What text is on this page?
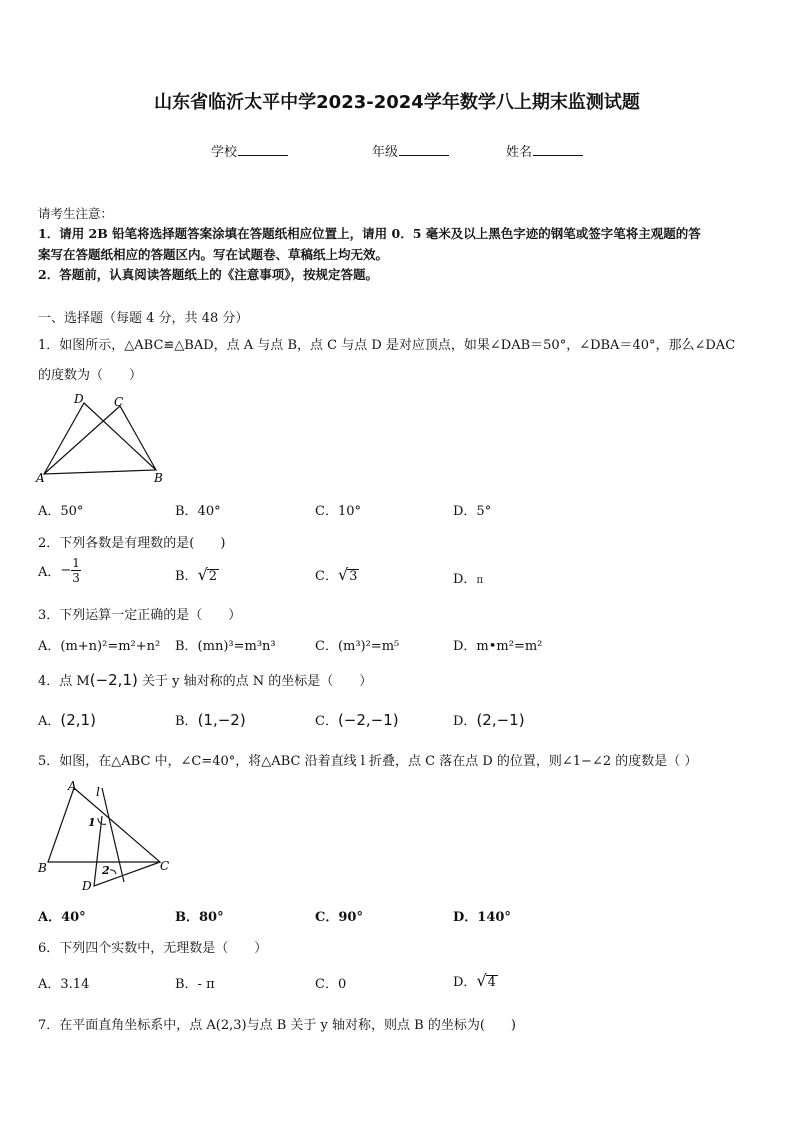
山东省临沂太平中学2023-2024学年数学八上期末监测试题
学校	年级	姓名
请考生注意：
1．请用 2B 铅笔将选择题答案涂填在答题纸相应位置上，请用 0．5 毫米及以上黑色字迹的钢笔或签字笔将主观题的答
案写在答题纸相应的答题区内。写在试题卷、草稿纸上均无效。
2．答题前，认真阅读答题纸上的《注意事项》，按规定答题。
一、选择题（每题 4 分，共 48 分）
1．如图所示，△ABC≌△BAD，点 A 与点 B，点 C 与点 D 是对应顶点，如果∠DAB＝50°，∠DBA＝40°，那么∠DAC
的度数为（　　）
D	C
A	B
A．50°	B．40°	C．10°	D．5°
2．下列各数是有理数的是(　　)
A．− $\frac{1}{3}$	B．√2	C．√3	D．π
3．下列运算一定正确的是（　　）
A．(m+n)²=m²+n² B．(mn)³=m³n³	C．(m³)²=m⁵	D．m•m²=m²
4．点 M(−2,1) 关于 y 轴对称的点 N 的坐标是（　　）
A．(2,1)	B．(1,−2)	C．(−2,−1)	D．(2,−1)
5．如图，在△ABC 中，∠C=40°，将△ABC 沿着直线 l 折叠，点 C 落在点 D 的位置，则∠1−∠2 的度数是（ ）
A l
1
B	C
2
D
A．40°	B．80°	C．90°	D．140°
6．下列四个实数中，无理数是（　　）
A．3.14	B．- π	C．0	D．√4
7．在平面直角坐标系中，点 A(2,3)与点 B 关于 y 轴对称，则点 B 的坐标为(　　)
